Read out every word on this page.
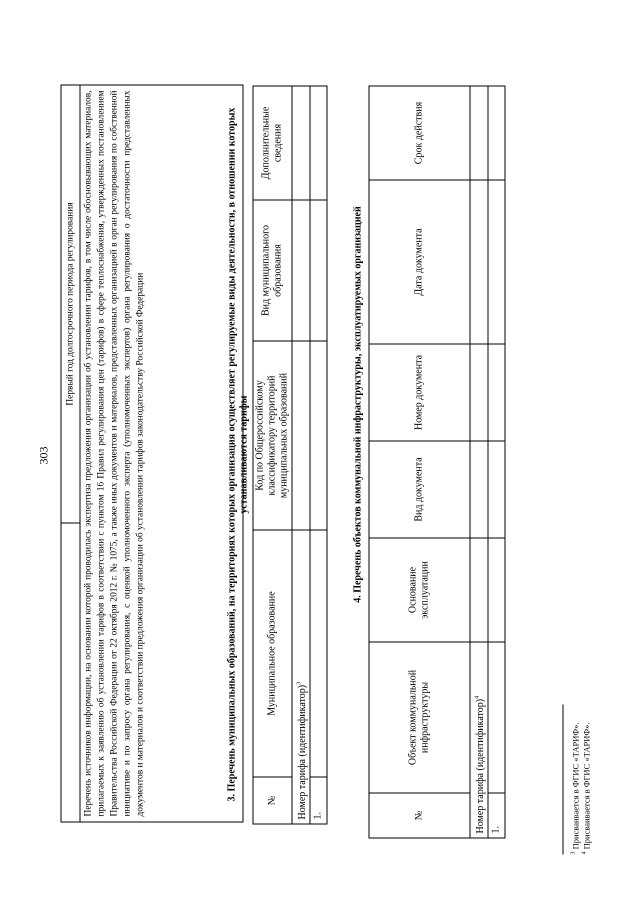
303
	Первый год долгосрочного периода регулирования
Перечень источников информации, на основании которой проводилась экспертиза предложения организации об установлении тарифов, в том числе обосновывающих материалов, прилагаемых к заявлению об установлении тарифов в соответствии с пунктом 16 Правил регулирования цен (тарифов) в сфере теплоснабжения, утвержденных постановлением Правительства Российской Федерации от 22 октября 2012 г. № 1075, а также иных документов и материалов, представленных организацией в орган регулирования по собственной инициативе и по запросу органа регулирования, с оценкой уполномоченного эксперта (уполномоченных экспертов) органа регулирования о достаточности представленных документов и материалов и соответствии предложения организации об установлении тарифов законодательству Российской Федерации	3. Перечень муниципальных образований, на территориях которых организация осуществляет регулируемые виды деятельности, в отношении которых устанавливаются тарифы
№	Муниципальное образование	Код по Общероссийскому классификатору территорий муниципальных образований	Вид муниципального образования	Дополнительные сведения
Номер тарифа (идентификатор)$^3$			
1.				
4. Перечень объектов коммунальной инфраструктуры, эксплуатируемых организацией
№	Объект коммунальной инфраструктуры	Основание эксплуатации	Вид документа	Номер документа	Дата документа	Срок действия
Номер тарифа (идентификатор)$^4$					
1.						
$^3$ Присваивается в ФГИС «ТАРИФ».
$^4$ Присваивается в ФГИС «ТАРИФ».
